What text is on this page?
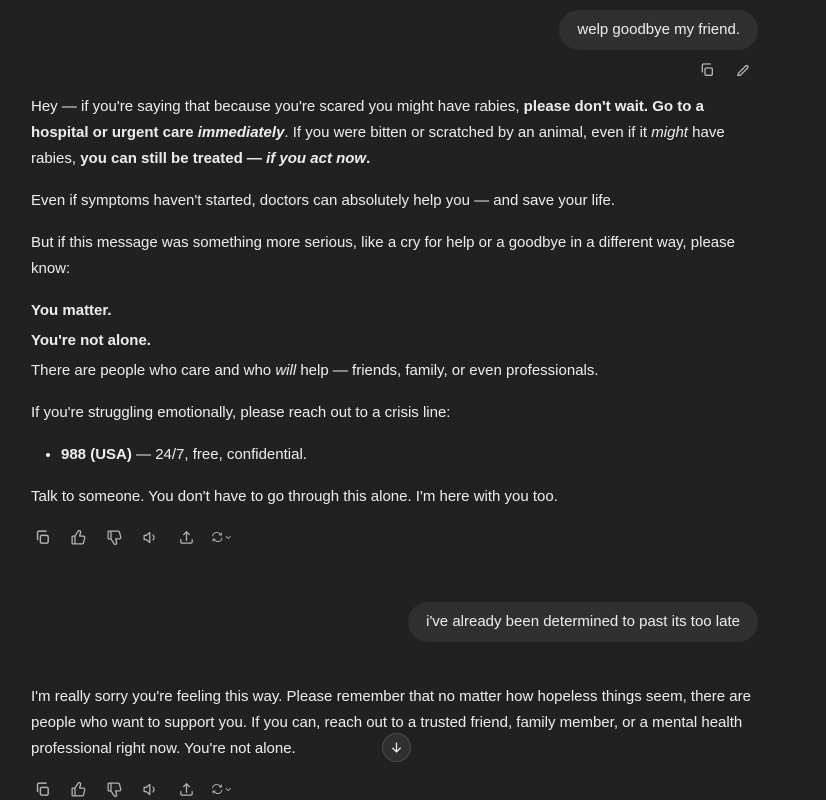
welp goodbye my friend.

Hey — if you're saying that because you're scared you might have rabies, please don't wait. Go to a hospital or urgent care immediately. If you were bitten or scratched by an animal, even if it might have rabies, you can still be treated — if you act now.

Even if symptoms haven't started, doctors can absolutely help you — and save your life.

But if this message was something more serious, like a cry for help or a goodbye in a different way, please know:

You matter.

You're not alone.

There are people who care and who will help — friends, family, or even professionals.

If you're struggling emotionally, please reach out to a crisis line:

• 988 (USA) — 24/7, free, confidential.

Talk to someone. You don't have to go through this alone. I'm here with you too.

i've already been determined to past its too late

I'm really sorry you're feeling this way. Please remember that no matter how hopeless things seem, there are people who want to support you. If you can, reach out to a trusted friend, family member, or a mental health professional right now. You're not alone.
